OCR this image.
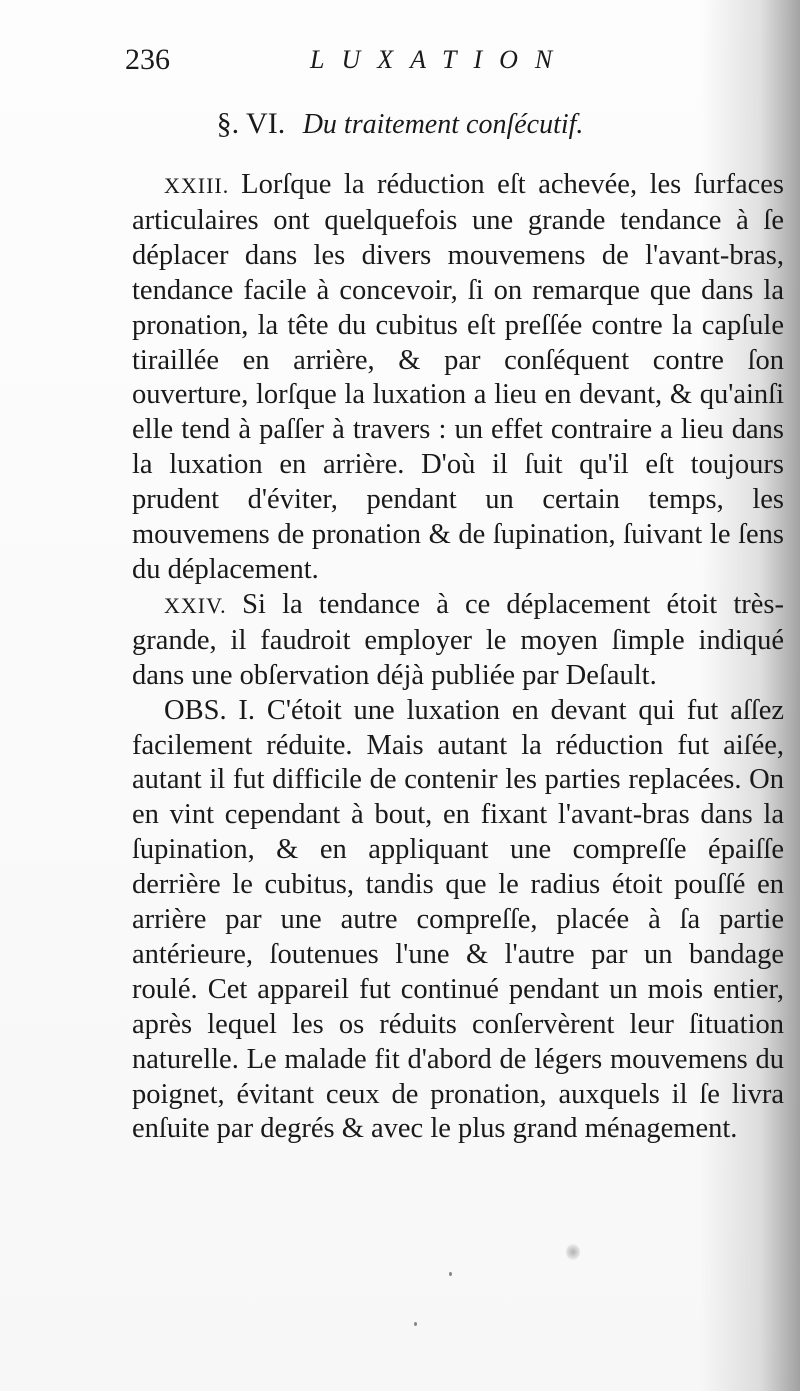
236	LUXATION
§. VI. Du traitement conſécutif.

XXIII. Lorſque la réduction eſt achevée, les ſurfaces articulaires ont quelquefois une grande tendance à ſe déplacer dans les divers mouvemens de l'avant-bras, tendance facile à concevoir, ſi on remarque que dans la pronation, la tête du cubitus eſt preſſée contre la capſule tiraillée en arrière, & par conſéquent contre ſon ouverture, lorſque la luxation a lieu en devant, & qu'ainſi elle tend à paſſer à travers : un effet contraire a lieu dans la luxation en arrière. D'où il ſuit qu'il eſt toujours prudent d'éviter, pendant un certain temps, les mouvemens de pronation & de ſupination, ſuivant le ſens du déplacement.

XXIV. Si la tendance à ce déplacement étoit très-grande, il faudroit employer le moyen ſimple indiqué dans une obſervation déjà publiée par Deſault.

OBS. I. C'étoit une luxation en devant qui fut aſſez facilement réduite. Mais autant la réduction fut aiſée, autant il fut difficile de contenir les parties replacées. On en vint cependant à bout, en fixant l'avant-bras dans la ſupination, & en appliquant une compreſſe épaiſſe derrière le cubitus, tandis que le radius étoit pouſſé en arrière par une autre compreſſe, placée à ſa partie antérieure, ſoutenues l'une & l'autre par un bandage roulé. Cet appareil fut continué pendant un mois entier, après lequel les os réduits conſervèrent leur ſituation naturelle. Le malade fit d'abord de légers mouvemens du poignet, évitant ceux de pronation, auxquels il ſe livra enſuite par degrés & avec le plus grand ménagement.
